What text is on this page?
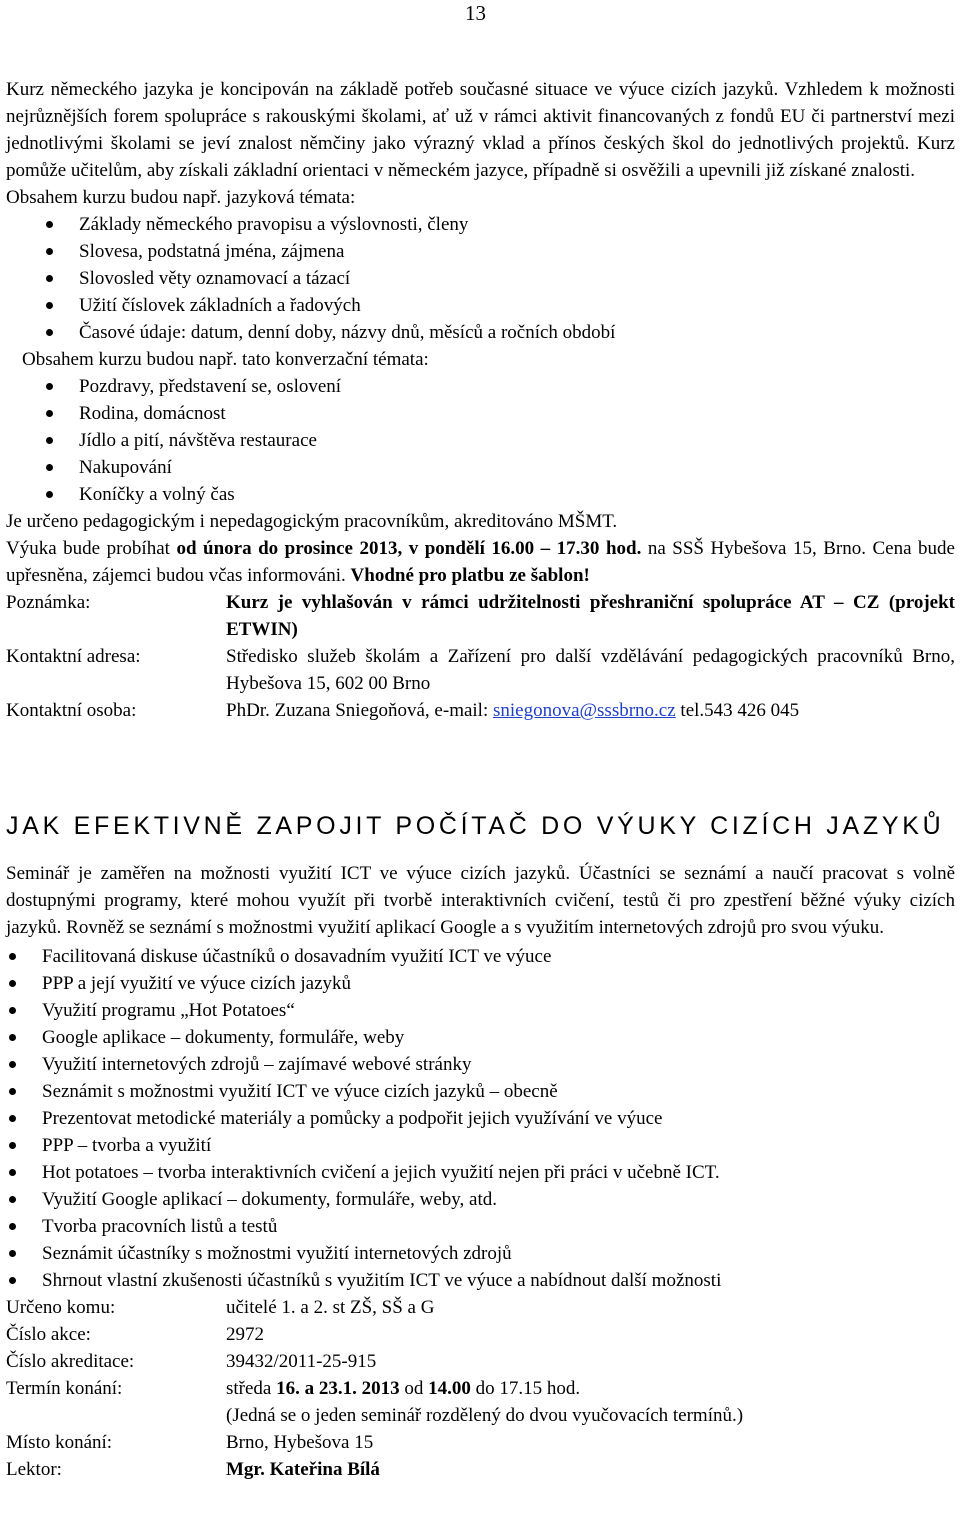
13
Kurz německého jazyka je koncipován na základě potřeb současné situace ve výuce cizích jazyků. Vzhledem k možnosti nejrůznějších forem spolupráce s rakouskými školami, ať už v rámci aktivit financovaných z fondů EU či partnerství mezi jednotlivými školami se jeví znalost němčiny jako výrazný vklad a přínos českých škol do jednotlivých projektů. Kurz pomůže učitelům, aby získali základní orientaci v německém jazyce, případně si osvěžili a upevnili již získané znalosti.
Obsahem kurzu budou např. jazyková témata:
Základy německého pravopisu a výslovnosti, členy
Slovesa, podstatná jména, zájmena
Slovosled věty oznamovací a tázací
Užití číslovek základních a řadových
Časové údaje: datum, denní doby, názvy dnů, měsíců a ročních období
Obsahem kurzu budou např. tato konverzační témata:
Pozdravy, představení se, oslovení
Rodina, domácnost
Jídlo a pití, návštěva restaurace
Nakupování
Koníčky a volný čas
Je určeno pedagogickým i nepedagogickým pracovníkům, akreditováno MŠMT.
Výuka bude probíhat od února do prosince 2013, v pondělí 16.00 – 17.30 hod. na SSŠ Hybešova 15, Brno. Cena bude upřesněna, zájemci budou včas informováni. Vhodné pro platbu ze šablon!
Poznámka:	Kurz je vyhlašován v rámci udržitelnosti přeshraniční spolupráce AT – CZ (projekt ETWIN)
Kontaktní adresa:	Středisko služeb školám a Zařízení pro další vzdělávání pedagogických pracovníků Brno, Hybešova 15, 602 00 Brno
Kontaktní osoba:	PhDr. Zuzana Sniegoňová, e-mail: sniegonova@sssbrno.cz tel.543 426 045
JAK EFEKTIVNĚ ZAPOJIT POČÍTAČ DO VÝUKY CIZÍCH JAZYKŮ
Seminář je zaměřen na možnosti využití ICT ve výuce cizích jazyků. Účastníci se seznámí a naučí pracovat s volně dostupnými programy, které mohou využít při tvorbě interaktivních cvičení, testů či pro zpestření běžné výuky cizích jazyků. Rovněž se seznámí s možnostmi využití aplikací Google a s využitím internetových zdrojů pro svou výuku.
Facilitovaná diskuse účastníků o dosavadním využití ICT ve výuce
PPP a její využití ve výuce cizích jazyků
Využití programu „Hot Potatoes“
Google aplikace – dokumenty, formuláře, weby
Využití internetových zdrojů – zajímavé webové stránky
Seznámit s možnostmi využití ICT ve výuce cizích jazyků – obecně
Prezentovat metodické materiály a pomůcky a podpořit jejich využívání ve výuce
PPP – tvorba a využití
Hot potatoes – tvorba interaktivních cvičení a jejich využití nejen při práci v učebně ICT.
Využití Google aplikací – dokumenty, formuláře, weby, atd.
Tvorba pracovních listů a testů
Seznámit účastníky s možnostmi využití internetových zdrojů
Shrnout vlastní zkušenosti účastníků s využitím ICT ve výuce a nabídnout další možnosti
Určeno komu:	učitelé 1. a 2. st ZŠ, SŠ a G
Číslo akce:	2972
Číslo akreditace:	39432/2011-25-915
Termín konání:	středa 16. a 23.1. 2013 od 14.00 do 17.15 hod.
(Jedná se o jeden seminář rozdělený do dvou vyučovacích termínů.)
Místo konání:	Brno, Hybešova 15
Lektor:	Mgr. Kateřina Bílá
